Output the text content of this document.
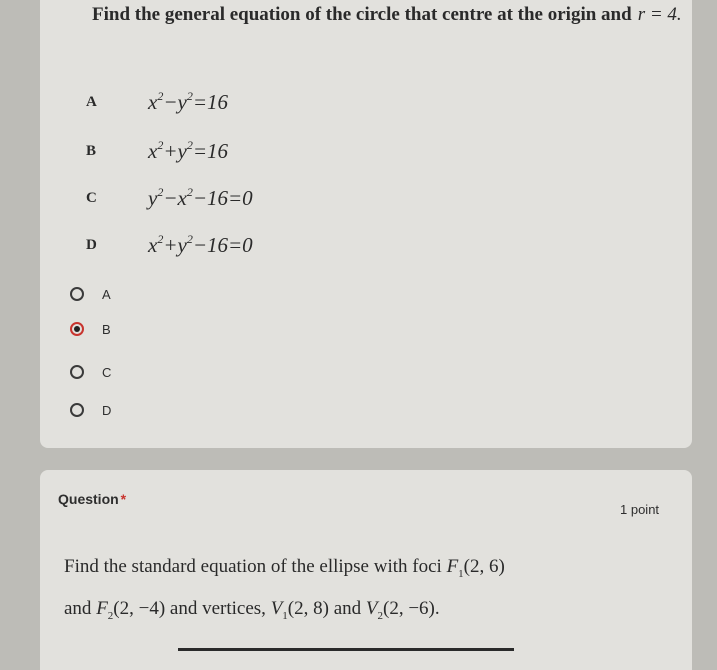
Find the general equation of the circle that centre at the origin and r = 4.
A	$x^2-y^2=16$
B	$x^2+y^2=16$
C	$y^2-x^2-16=0$
D	$x^2+y^2-16=0$
A
B
C
D
Question *
1 point
Find the standard equation of the ellipse with foci $F_1(2$, 6)
and $F_2(2$, −4) and vertices, $V_1(2$, 8) and $V_2(2$, −6).
